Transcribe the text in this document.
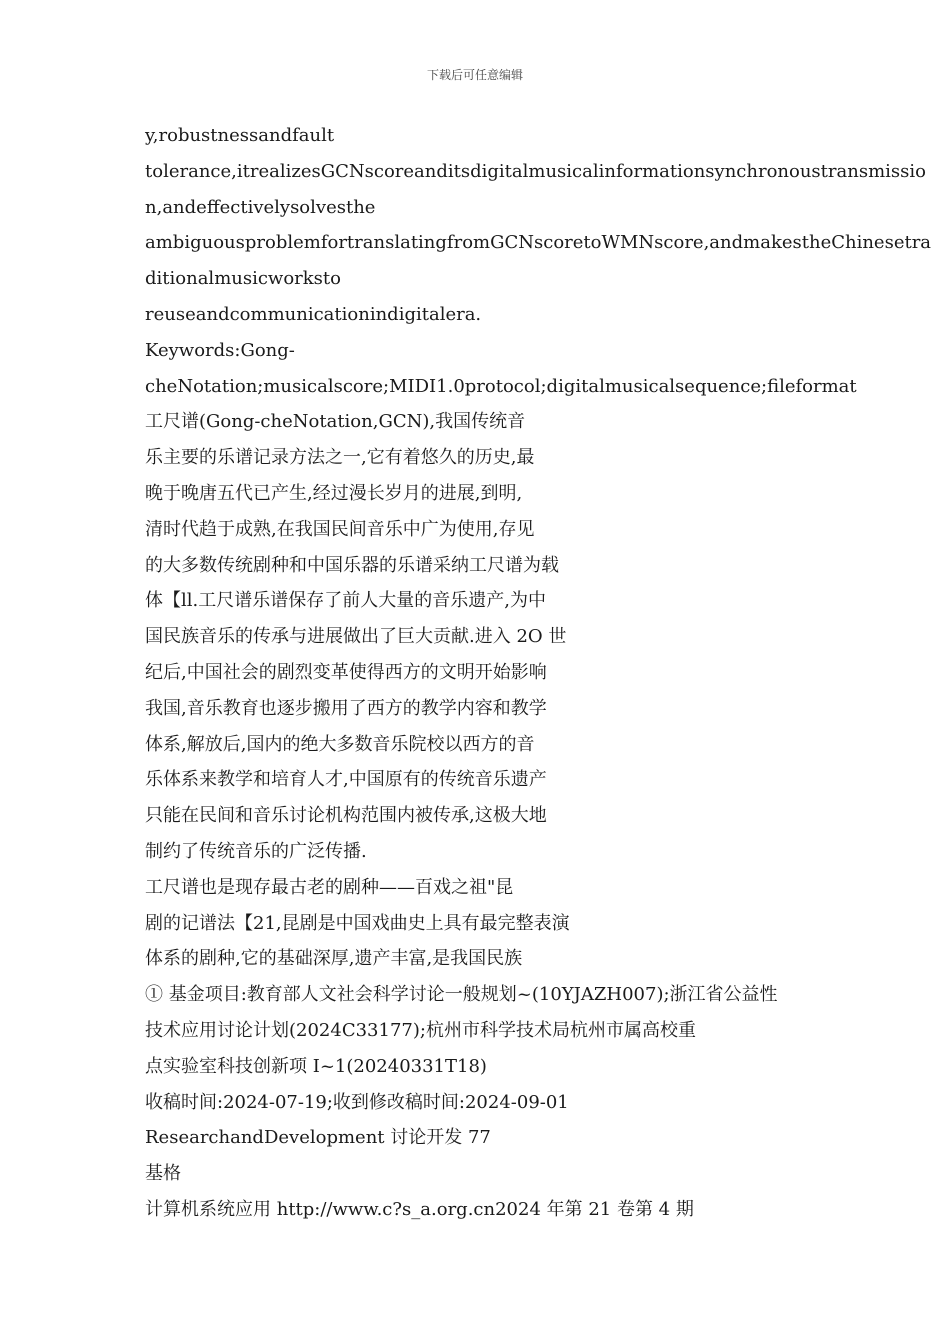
下载后可任意编辑
y,robustnessandfault
tolerance,itrealizesGCNscoreanditsdigitalmusicalinformationsynchronoustransmissio
n,andeffectivelysolvesthe
ambiguousproblemfortranslatingfromGCNscoretoWMNscore,andmakestheChinesetra
ditionalmusicworksto
reuseandcommunicationindigitalera.
Keywords:Gong-
cheNotation;musicalscore;MIDI1.0protocol;digitalmusicalsequence;fileformat
工尺谱(Gong-cheNotation,GCN),我国传统音
乐主要的乐谱记录方法之一,它有着悠久的历史,最
晚于晚唐五代已产生,经过漫长岁月的进展,到明,
清时代趋于成熟,在我国民间音乐中广为使用,存见
的大多数传统剧种和中国乐器的乐谱采纳工尺谱为载
体【ll.工尺谱乐谱保存了前人大量的音乐遗产,为中
国民族音乐的传承与进展做出了巨大贡献.进入 2O 世
纪后,中国社会的剧烈变革使得西方的文明开始影响
我国,音乐教育也逐步搬用了西方的教学内容和教学
体系,解放后,国内的绝大多数音乐院校以西方的音
乐体系来教学和培育人才,中国原有的传统音乐遗产
只能在民间和音乐讨论机构范围内被传承,这极大地
制约了传统音乐的广泛传播.
工尺谱也是现存最古老的剧种——百戏之祖"昆
剧的记谱法【21,昆剧是中国戏曲史上具有最完整表演
体系的剧种,它的基础深厚,遗产丰富,是我国民族
① 基金项目:教育部人文社会科学讨论一般规划~(10YJAZH007);浙江省公益性
技术应用讨论计划(2024C33177);杭州市科学技术局杭州市属高校重
点实验室科技创新项 I~1(20240331T18)
收稿时间:2024-07-19;收到修改稿时间:2024-09-01
ResearchandDevelopment 讨论开发 77
基格
计算机系统应用 http://www.c?s_a.org.cn2024 年第 21 卷第 4 期
